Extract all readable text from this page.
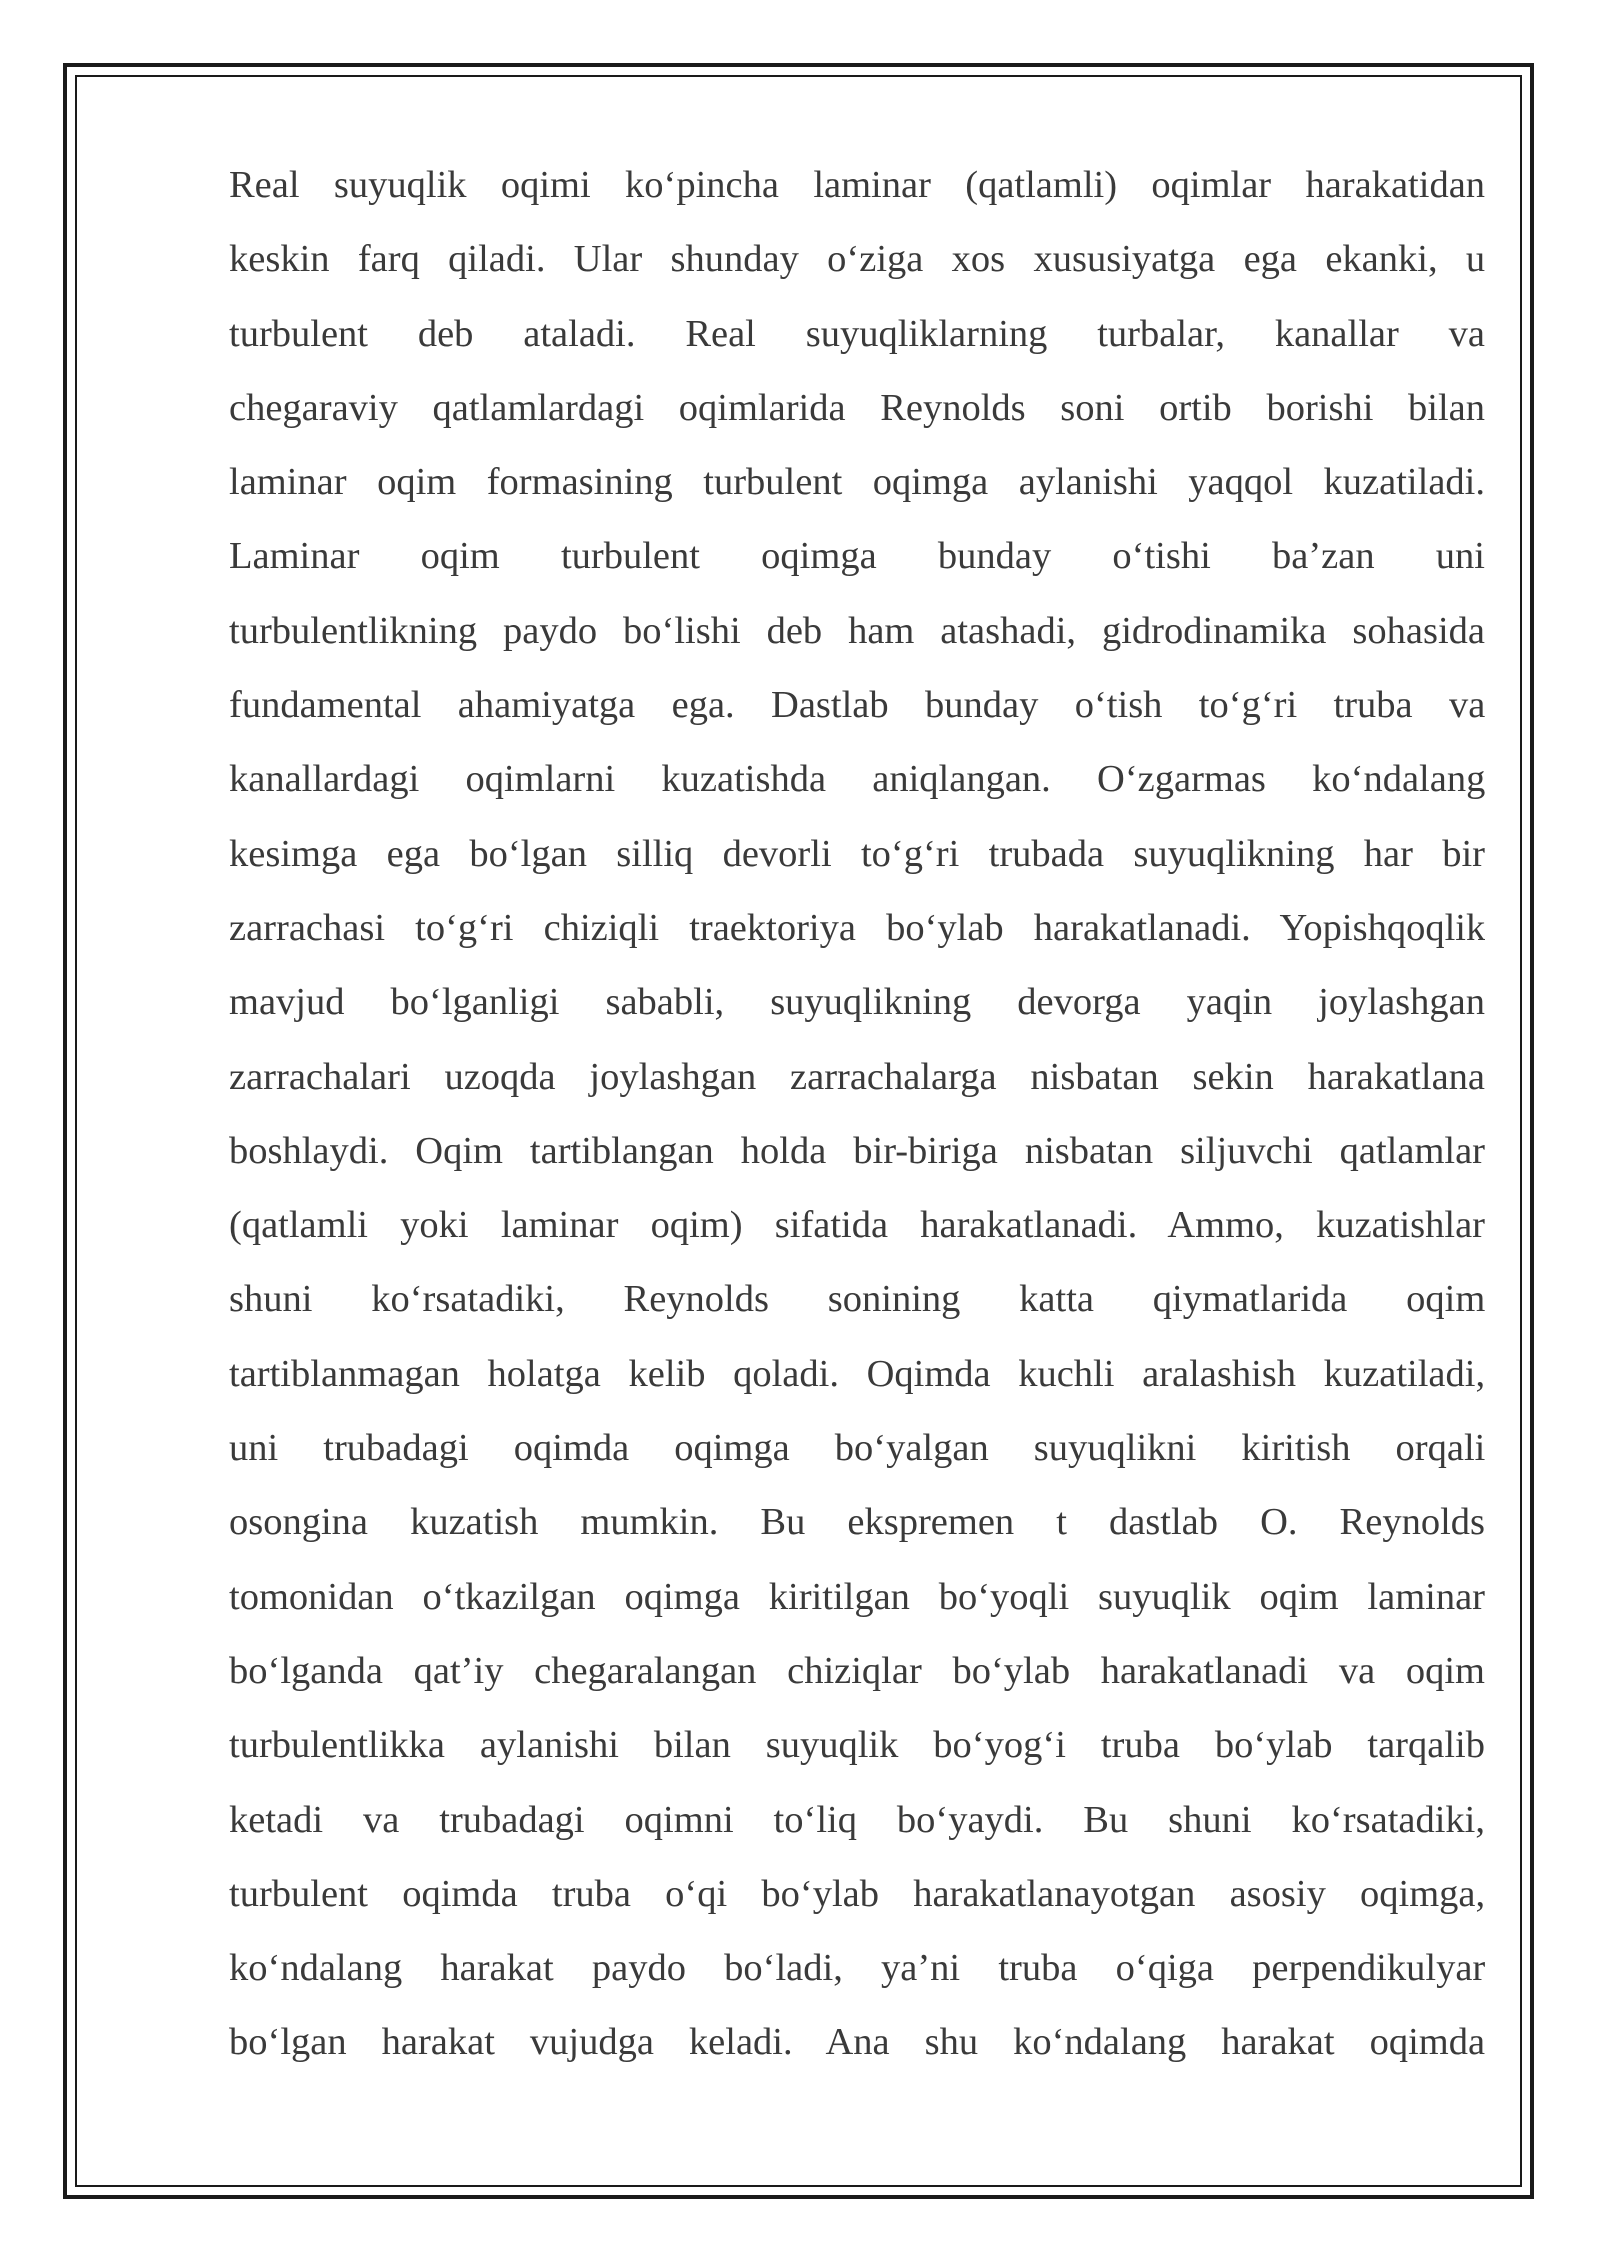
Real suyuqlik oqimi ko‘pincha laminar (qatlamli) oqimlar harakatidan
keskin farq qiladi. Ular shunday o‘ziga xos xususiyatga ega ekanki, u
turbulent deb ataladi. Real suyuqliklarning turbalar, kanallar va
chegaraviy qatlamlardagi oqimlarida Reynolds soni ortib borishi bilan
laminar oqim formasining turbulent oqimga aylanishi yaqqol kuzatiladi.
Laminar oqim turbulent oqimga bunday o‘tishi ba’zan uni
turbulentlikning paydo bo‘lishi deb ham atashadi, gidrodinamika sohasida
fundamental ahamiyatga ega. Dastlab bunday o‘tish to‘g‘ri truba va
kanallardagi oqimlarni kuzatishda aniqlangan. O‘zgarmas ko‘ndalang
kesimga ega bo‘lgan silliq devorli to‘g‘ri trubada suyuqlikning har bir
zarrachasi to‘g‘ri chiziqli traektoriya bo‘ylab harakatlanadi. Yopishqoqlik
mavjud bo‘lganligi sababli, suyuqlikning devorga yaqin joylashgan
zarrachalari uzoqda joylashgan zarrachalarga nisbatan sekin harakatlana
boshlaydi. Oqim tartiblangan holda bir-biriga nisbatan siljuvchi qatlamlar
(qatlamli yoki laminar oqim) sifatida harakatlanadi. Ammo, kuzatishlar
shuni ko‘rsatadiki, Reynolds sonining katta qiymatlarida oqim
tartiblanmagan holatga kelib qoladi. Oqimda kuchli aralashish kuzatiladi,
uni trubadagi oqimda oqimga bo‘yalgan suyuqlikni kiritish orqali
osongina kuzatish mumkin. Bu ekspremen t dastlab O. Reynolds
tomonidan o‘tkazilgan oqimga kiritilgan bo‘yoqli suyuqlik oqim laminar
bo‘lganda qat’iy chegaralangan chiziqlar bo‘ylab harakatlanadi va oqim
turbulentlikka aylanishi bilan suyuqlik bo‘yog‘i truba bo‘ylab tarqalib
ketadi va trubadagi oqimni to‘liq bo‘yaydi. Bu shuni ko‘rsatadiki,
turbulent oqimda truba o‘qi bo‘ylab harakatlanayotgan asosiy oqimga,
ko‘ndalang harakat paydo bo‘ladi, ya’ni truba o‘qiga perpendikulyar
bo‘lgan harakat vujudga keladi. Ana shu ko‘ndalang harakat oqimda
